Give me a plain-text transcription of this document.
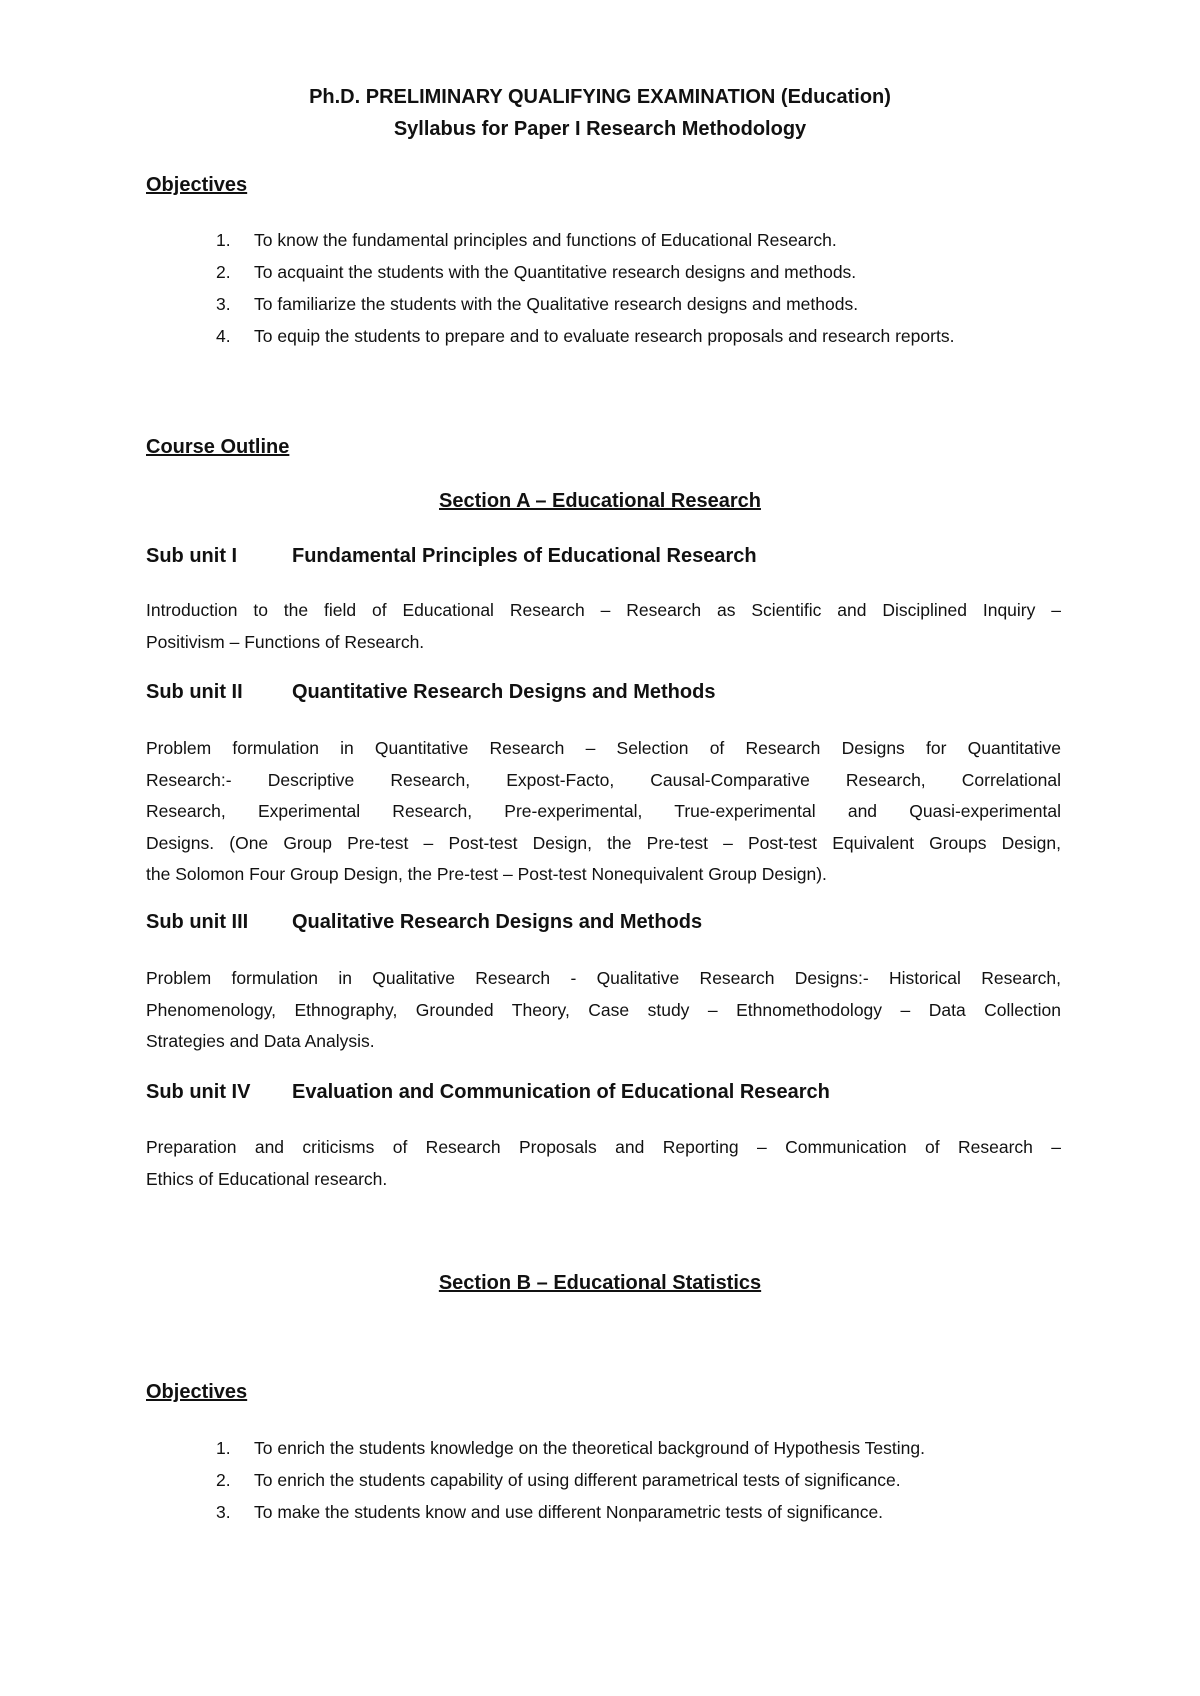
Ph.D. PRELIMINARY QUALIFYING EXAMINATION (Education)
Syllabus for Paper I Research Methodology
Objectives
1. To know the fundamental principles and functions of Educational Research.
2. To acquaint the students with the Quantitative research designs and methods.
3. To familiarize the students with the Qualitative research designs and methods.
4. To equip the students to prepare and to evaluate research proposals and research reports.
Course Outline
Section A – Educational Research
Sub unit I	Fundamental Principles of Educational Research
Introduction to the field of Educational Research – Research as Scientific and Disciplined Inquiry –
Positivism – Functions of Research.
Sub unit II Quantitative Research Designs and Methods
Problem formulation in Quantitative Research – Selection of Research Designs for Quantitative
Research:- Descriptive Research, Expost-Facto, Causal-Comparative Research, Correlational
Research, Experimental Research, Pre-experimental, True-experimental and Quasi-experimental
Designs. (One Group Pre-test – Post-test Design, the Pre-test – Post-test Equivalent Groups Design,
the Solomon Four Group Design, the Pre-test – Post-test Nonequivalent Group Design).
Sub unit III Qualitative Research Designs and Methods
Problem formulation in Qualitative Research - Qualitative Research Designs:- Historical Research,
Phenomenology, Ethnography, Grounded Theory, Case study – Ethnomethodology – Data Collection
Strategies and Data Analysis.
Sub unit IV Evaluation and Communication of Educational Research
Preparation and criticisms of Research Proposals and Reporting – Communication of Research –
Ethics of Educational research.
Section B – Educational Statistics
Objectives
1. To enrich the students knowledge on the theoretical background of Hypothesis Testing.
2. To enrich the students capability of using different parametrical tests of significance.
3. To make the students know and use different Nonparametric tests of significance.
